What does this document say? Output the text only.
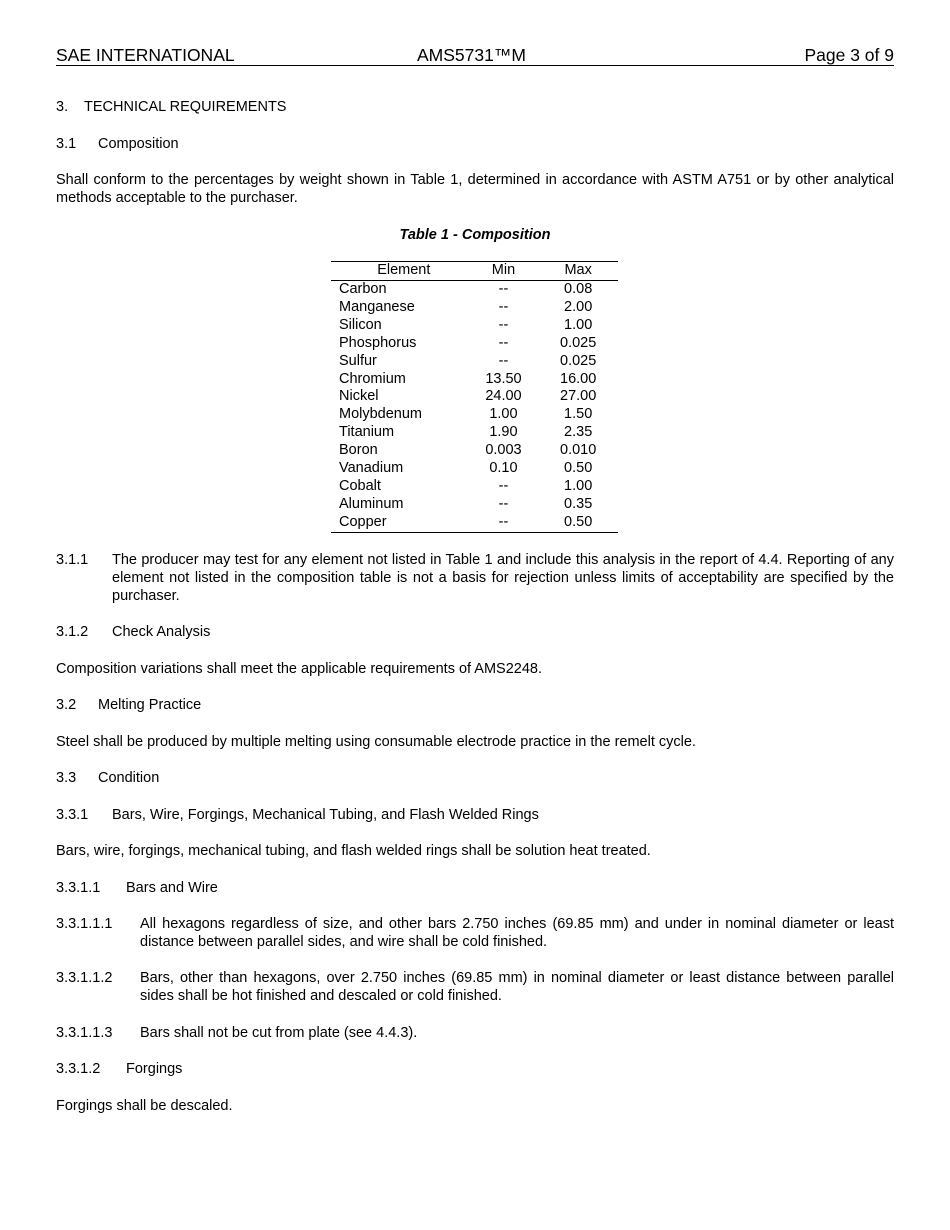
SAE INTERNATIONAL	AMS5731™M	Page 3 of 9
3. TECHNICAL REQUIREMENTS
3.1 Composition
Shall conform to the percentages by weight shown in Table 1, determined in accordance with ASTM A751 or by other analytical methods acceptable to the purchaser.
Table 1 - Composition
Element	Min	Max
Carbon	--	0.08
Manganese	--	2.00
Silicon	--	1.00
Phosphorus	--	0.025
Sulfur	--	0.025
Chromium	13.50	16.00
Nickel	24.00	27.00
Molybdenum	1.00	1.50
Titanium	1.90	2.35
Boron	0.003	0.010
Vanadium	0.10	0.50
Cobalt	--	1.00
Aluminum	--	0.35
Copper	--	0.50
3.1.1 The producer may test for any element not listed in Table 1 and include this analysis in the report of 4.4. Reporting of any element not listed in the composition table is not a basis for rejection unless limits of acceptability are specified by the purchaser.
3.1.2 Check Analysis
Composition variations shall meet the applicable requirements of AMS2248.
3.2 Melting Practice
Steel shall be produced by multiple melting using consumable electrode practice in the remelt cycle.
3.3 Condition
3.3.1 Bars, Wire, Forgings, Mechanical Tubing, and Flash Welded Rings
Bars, wire, forgings, mechanical tubing, and flash welded rings shall be solution heat treated.
3.3.1.1 Bars and Wire
3.3.1.1.1 All hexagons regardless of size, and other bars 2.750 inches (69.85 mm) and under in nominal diameter or least distance between parallel sides, and wire shall be cold finished.
3.3.1.1.2 Bars, other than hexagons, over 2.750 inches (69.85 mm) in nominal diameter or least distance between parallel sides shall be hot finished and descaled or cold finished.
3.3.1.1.3 Bars shall not be cut from plate (see 4.4.3).
3.3.1.2 Forgings
Forgings shall be descaled.
